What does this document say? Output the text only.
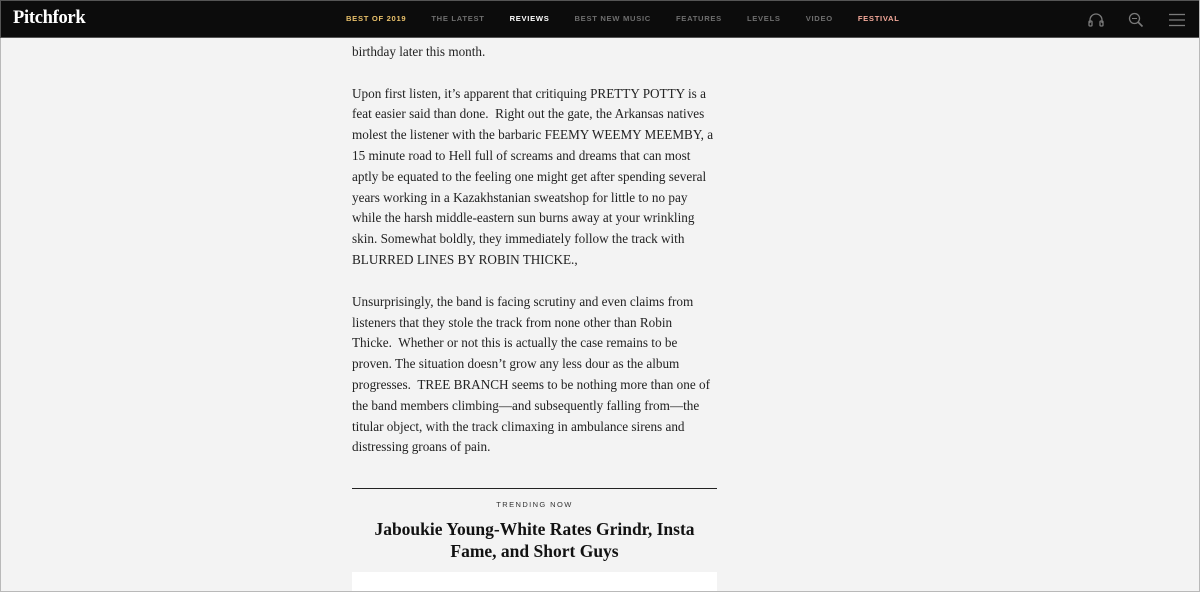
birthday later this month.

Upon first listen, it’s apparent that critiquing PRETTY POTTY is a feat easier said than done.  Right out the gate, the Arkansas natives molest the listener with the barbaric FEEMY WEEMY MEEMBY, a 15 minute road to Hell full of screams and dreams that can most aptly be equated to the feeling one might get after spending several years working in a Kazakhstanian sweatshop for little to no pay while the harsh middle-eastern sun burns away at your wrinkling skin. Somewhat boldly, they immediately follow the track with BLURRED LINES BY ROBIN THICKE.,

Unsurprisingly, the band is facing scrutiny and even claims from listeners that they stole the track from none other than Robin Thicke.  Whether or not this is actually the case remains to be proven. The situation doesn’t grow any less dour as the album progresses.  TREE BRANCH seems to be nothing more than one of the band members climbing—and subsequently falling from—the titular object, with the track climaxing in ambulance sirens and distressing groans of pain.

TRENDING NOW
Jaboukie Young-White Rates Grindr, Insta Fame, and Short Guys
Pitchfork	BEST OF 2019	THE LATEST	REVIEWS	BEST NEW MUSIC	FEATURES	LEVELS	VIDEO	FESTIVAL
